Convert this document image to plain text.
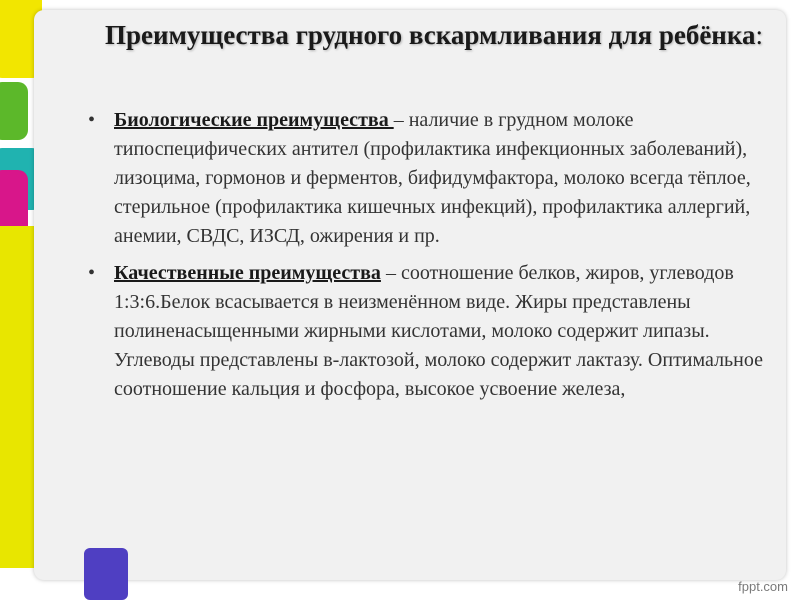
Преимущества грудного вскармливания для ребёнка:
• Биологические преимущества – наличие в грудном молоке типоспецифических антител (профилактика инфекционных заболеваний), лизоцима, гормонов и ферментов, бифидумфактора, молоко всегда тёплое, стерильное (профилактика кишечных инфекций), профилактика аллергий, анемии, СВДС, ИЗСД, ожирения и пр.
• Качественные преимущества – соотношение белков, жиров, углеводов 1:3:6.Белок всасывается в неизменённом виде. Жиры представлены полиненасыщенными жирными кислотами, молоко содержит липазы. Углеводы представлены в-лактозой, молоко содержит лактазу. Оптимальное соотношение кальция и фосфора, высокое усвоение железа,
fppt.com
